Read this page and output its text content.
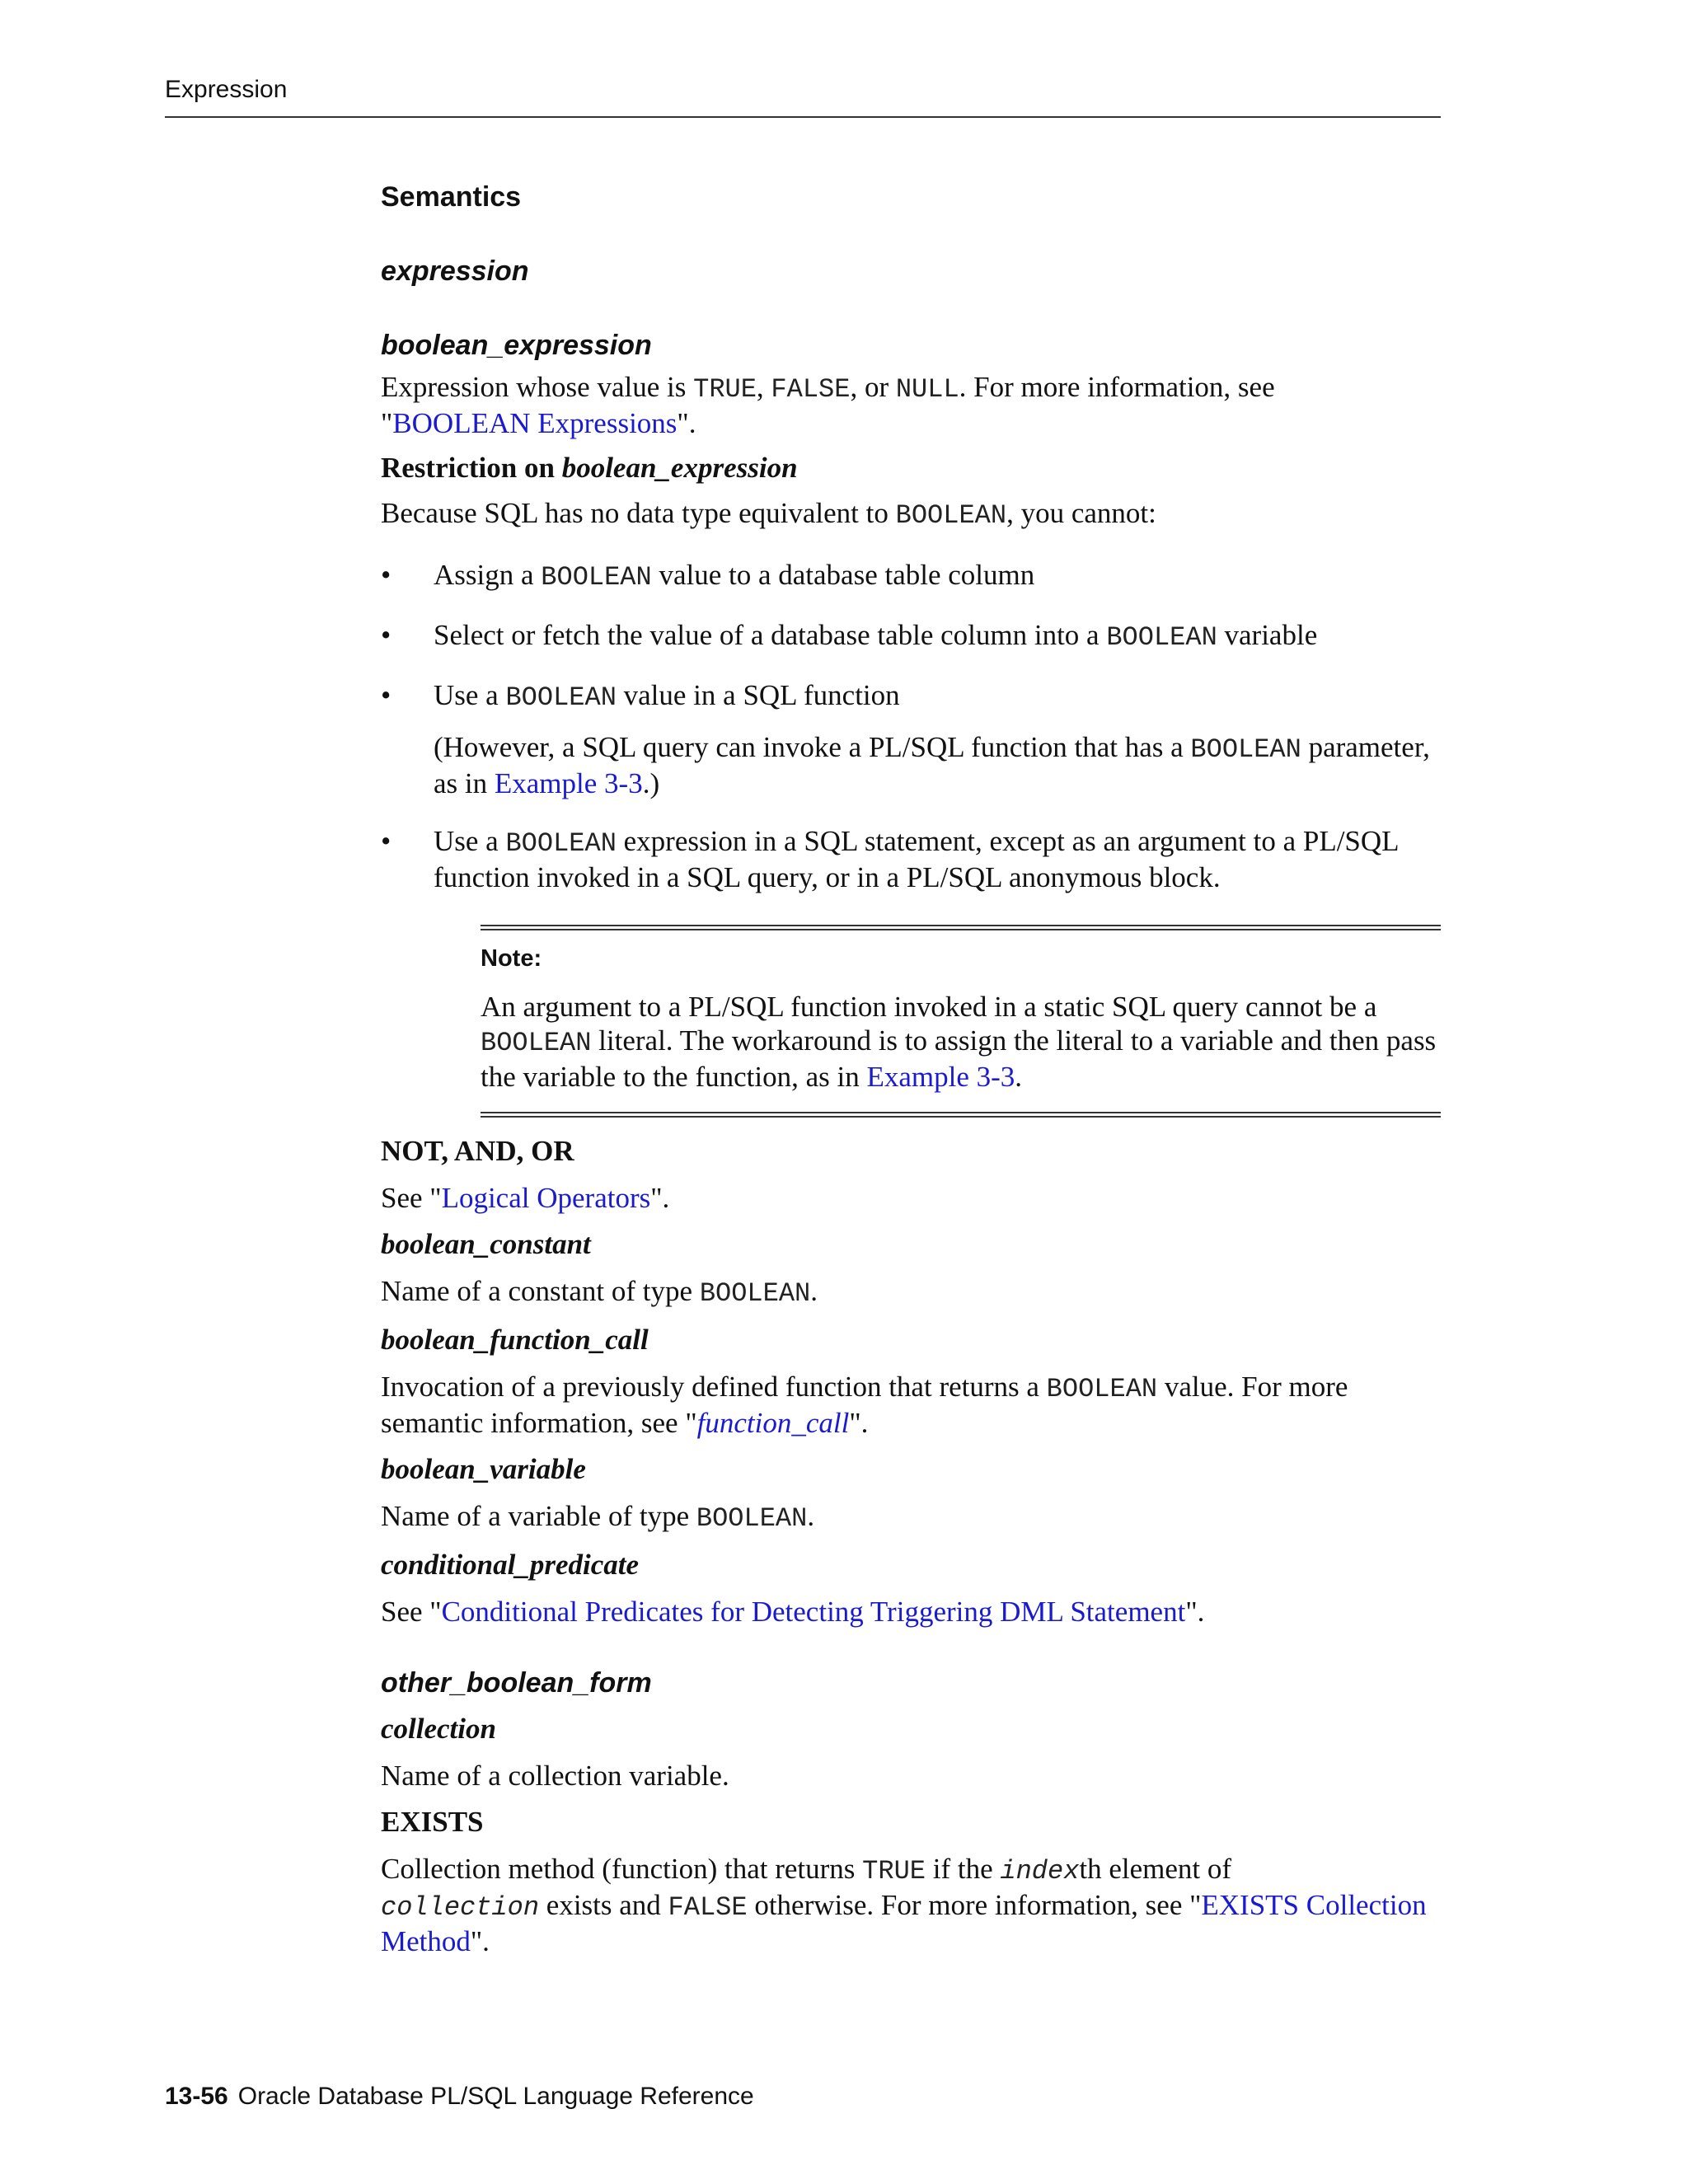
Expression
Semantics
expression
boolean_expression

Expression whose value is TRUE, FALSE, or NULL. For more information, see
"BOOLEAN Expressions".

Restriction on boolean_expression

Because SQL has no data type equivalent to BOOLEAN, you cannot:

• Assign a BOOLEAN value to a database table column
• Select or fetch the value of a database table column into a BOOLEAN variable
• Use a BOOLEAN value in a SQL function

(However, a SQL query can invoke a PL/SQL function that has a BOOLEAN parameter, as in Example 3-3.)

• Use a BOOLEAN expression in a SQL statement, except as an argument to a PL/SQL function invoked in a SQL query, or in a PL/SQL anonymous block.

Note:

An argument to a PL/SQL function invoked in a static SQL query cannot be a BOOLEAN literal. The workaround is to assign the literal to a variable and then pass the variable to the function, as in Example 3-3.

NOT, AND, OR

See "Logical Operators".

boolean_constant

Name of a constant of type BOOLEAN.

boolean_function_call

Invocation of a previously defined function that returns a BOOLEAN value. For more semantic information, see "function_call".

boolean_variable

Name of a variable of type BOOLEAN.

conditional_predicate

See "Conditional Predicates for Detecting Triggering DML Statement".

other_boolean_form
collection

Name of a collection variable.

EXISTS

Collection method (function) that returns TRUE if the indexth element of
collection exists and FALSE otherwise. For more information, see "EXISTS Collection Method".

13-56 Oracle Database PL/SQL Language Reference
